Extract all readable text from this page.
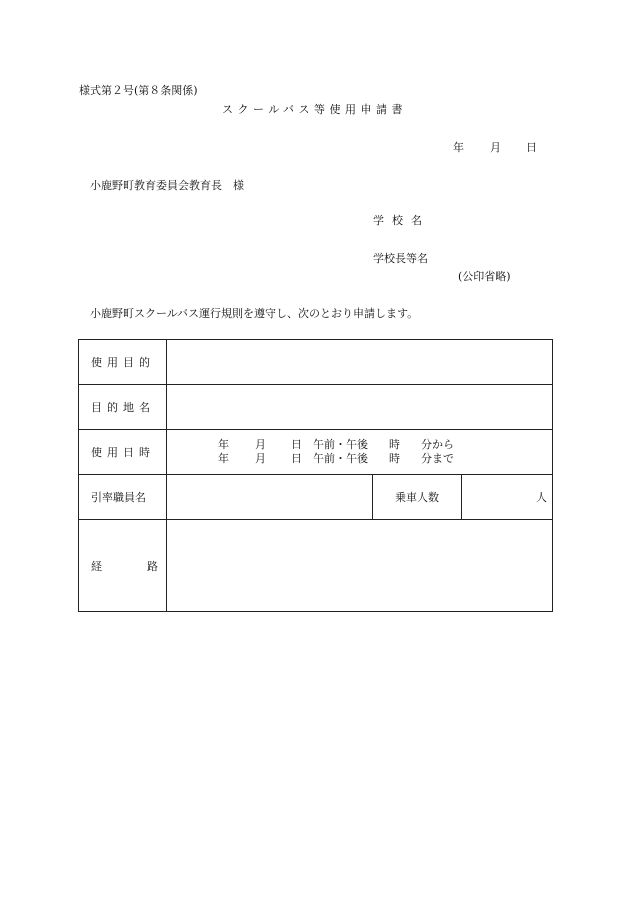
様式第２号(第８条関係)
スクールバス等使用申請書
年 月 日
小鹿野町教育委員会教育長　様
学校名
学校長等名
(公印省略)
小鹿野町スクールバス運行規則を遵守し、次のとおり申請します。
使用目的			
目的地名			
使用日時	年 月 日 午前・午後 時 分から
年 月 日 午前・午後 時 分まで		

引率職員名		乗車人数	人
経 路			
